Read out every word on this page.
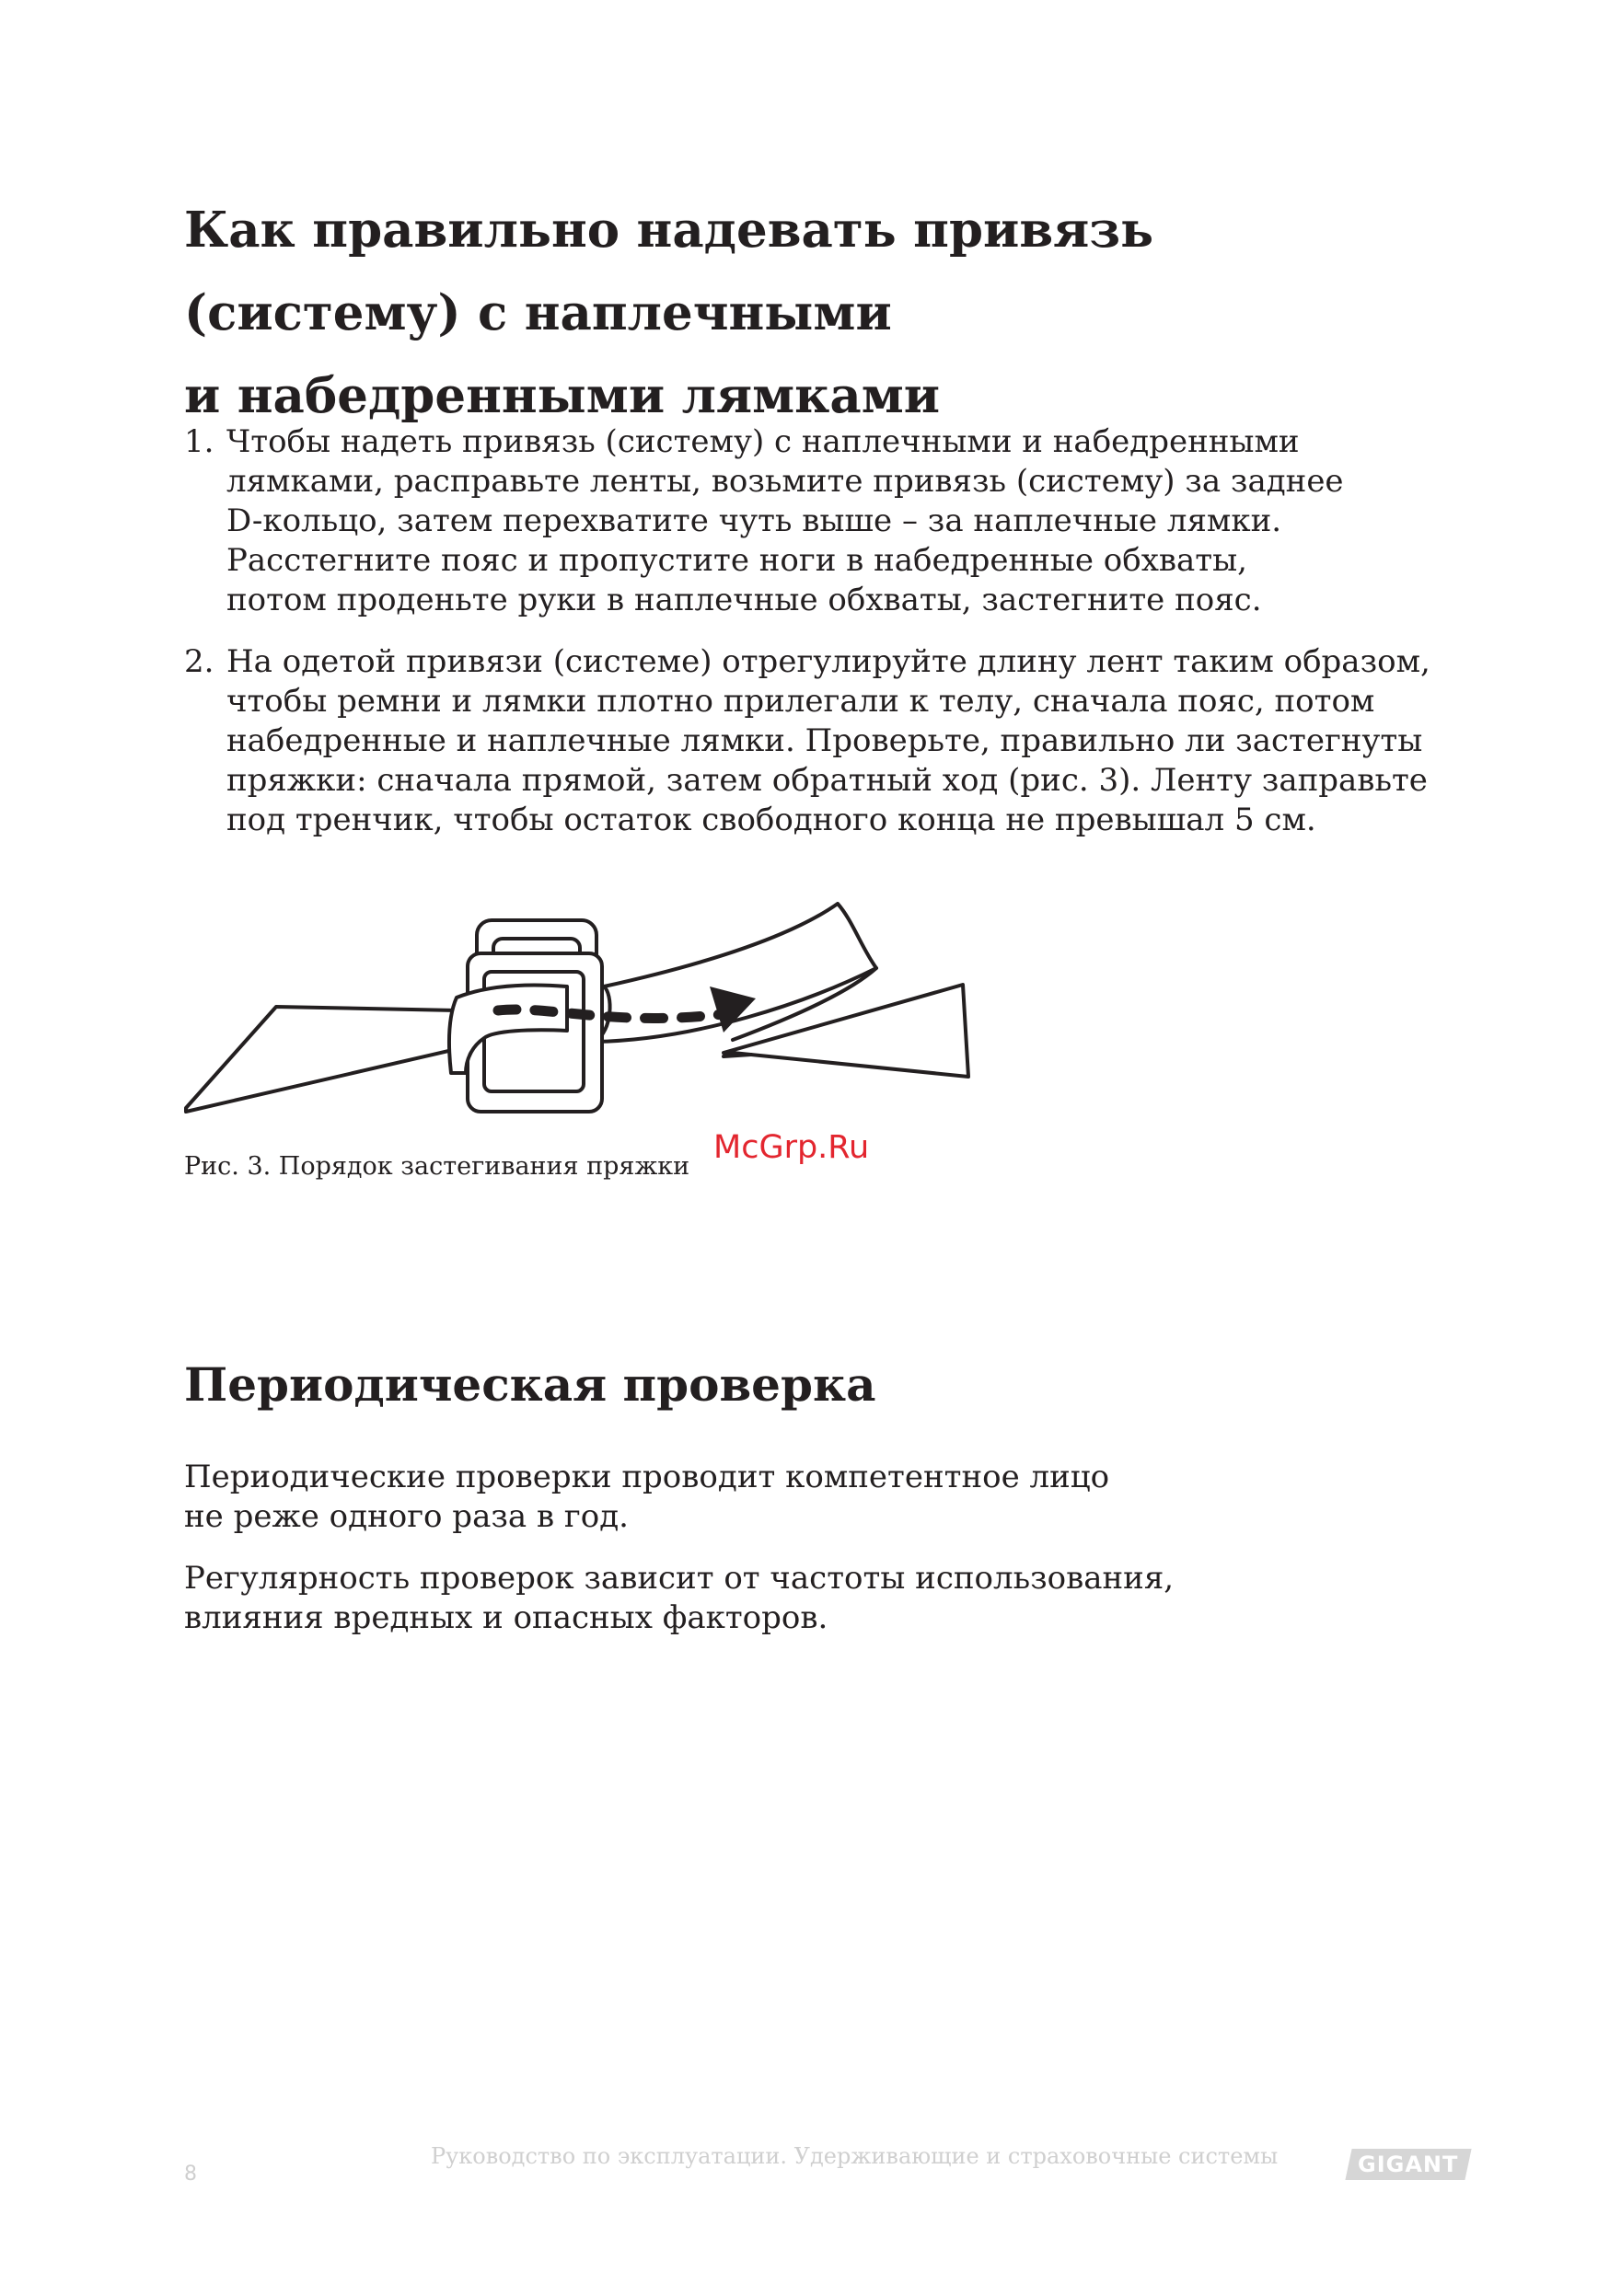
Как правильно надевать привязь
(систему) с наплечными
и набедренными лямками
1. Чтобы надеть привязь (систему) с наплечными и набедренными
лямками, расправьте ленты, возьмите привязь (систему) за заднее
D-кольцо, затем перехватите чуть выше – за наплечные лямки.
Расстегните пояс и пропустите ноги в набедренные обхваты,
потом проденьте руки в наплечные обхваты, застегните пояс.
2. На одетой привязи (системе) отрегулируйте длину лент таким образом,
чтобы ремни и лямки плотно прилегали к телу, сначала пояс, потом
набедренные и наплечные лямки. Проверьте, правильно ли застегнуты
пряжки: сначала прямой, затем обратный ход (рис. 3). Ленту заправьте
под тренчик, чтобы остаток свободного конца не превышал 5 см.
Рис. 3. Порядок застегивания пряжки
McGrp.Ru
Периодическая проверка

Периодические проверки проводит компетентное лицо
не реже одного раза в год.

Регулярность проверок зависит от частоты использования,
влияния вредных и опасных факторов.

8
Руководство по эксплуатации. Удерживающие и страховочные системы	GIGANT
